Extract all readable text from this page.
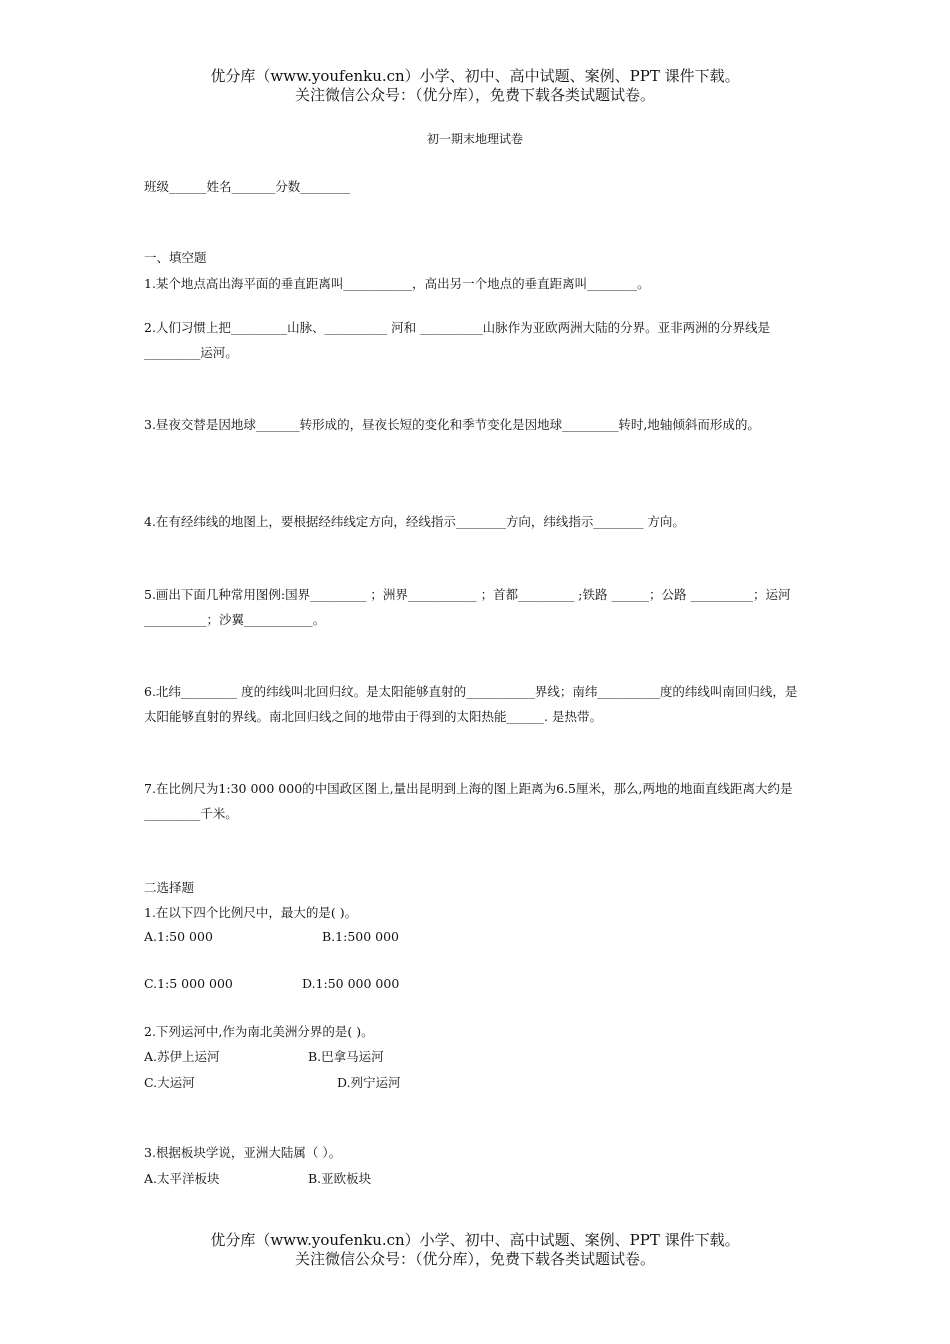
优分库（www.youfenku.cn）小学、初中、高中试题、案例、PPT 课件下载。
关注微信公众号：（优分库），免费下载各类试题试卷。
初一期末地理试卷
班级______姓名_______分数________
一、填空题
1.某个地点高出海平面的垂直距离叫___________，高出另一个地点的垂直距离叫________。
2.人们习惯上把_________山脉、__________ 河和 __________山脉作为亚欧两洲大陆的分界。亚非两洲的分界线是_________运河。
3.昼夜交替是因地球_______转形成的，昼夜长短的变化和季节变化是因地球_________转时,地轴倾斜而形成的。
4.在有经纬线的地图上，要根据经纬线定方向，经线指示________方向，纬线指示________ 方向。
5.画出下面几种常用图例:国界_________ ；洲界___________ ；首都_________ ;铁路 ______；公路 __________；运河 __________；沙翼___________。
6.北纬_________ 度的纬线叫北回归纹。是太阳能够直射的___________界线；南纬__________度的纬线叫南回归线，是太阳能够直射的界线。南北回归线之间的地带由于得到的太阳热能______. 是热带。
7.在比例尺为1:30 000 000的中国政区图上,量出昆明到上海的图上距离为6.5厘米，那么,两地的地面直线距离大约是_________千米。
二选择题
1.在以下四个比例尺中，最大的是( )。
A.1:50 000	B.1:500 000
C.1:5 000 000	D.1:50 000 000
2.下列运河中,作为南北美洲分界的是( )。
A.苏伊上运河	B.巴拿马运河
C.大运河	D.列宁运河
3.根据板块学说，亚洲大陆属（ ）。
A.太平洋板块	B.亚欧板块
优分库（www.youfenku.cn）小学、初中、高中试题、案例、PPT 课件下载。
关注微信公众号：（优分库），免费下载各类试题试卷。
